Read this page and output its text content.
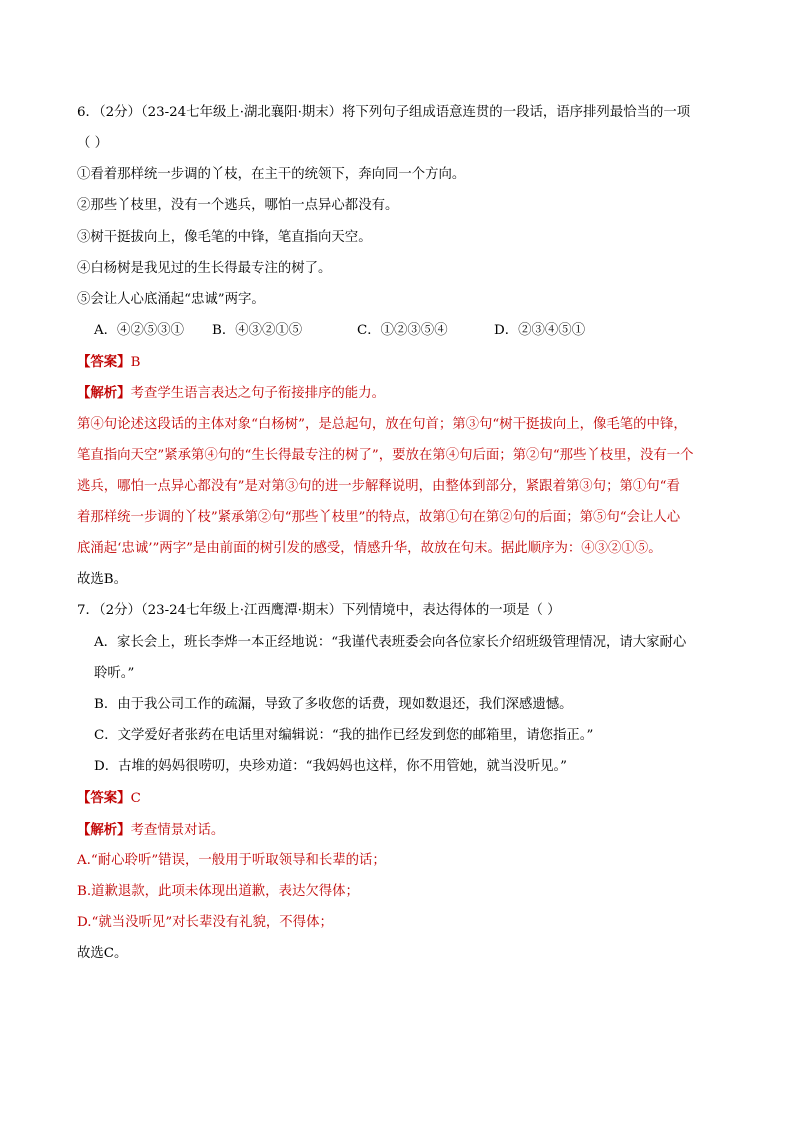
6．（2分）（23-24七年级上·湖北襄阳·期末）将下列句子组成语意连贯的一段话，语序排列最恰当的一项
（ ）
①看着那样统一步调的丫枝，在主干的统领下，奔向同一个方向。
②那些丫枝里，没有一个逃兵，哪怕一点异心都没有。
③树干挺拔向上，像毛笔的中锋，笔直指向天空。
④白杨树是我见过的生长得最专注的树了。
⑤会让人心底涌起“忠诚”两字。
A．④②⑤③① B．④③②①⑤	C．①②③⑤④	D．②③④⑤①
【答案】B
【解析】考查学生语言表达之句子衔接排序的能力。
第④句论述这段话的主体对象“白杨树”，是总起句，放在句首；第③句“树干挺拔向上，像毛笔的中锋，
笔直指向天空”紧承第④句的“生长得最专注的树了”，要放在第④句后面；第②句“那些丫枝里，没有一个
逃兵，哪怕一点异心都没有”是对第③句的进一步解释说明，由整体到部分，紧跟着第③句；第①句“看
着那样统一步调的丫枝”紧承第②句“那些丫枝里”的特点，故第①句在第②句的后面；第⑤句“会让人心
底涌起‘忠诚’”两字”是由前面的树引发的感受，情感升华，故放在句末。据此顺序为：④③②①⑤。
故选B。
7．（2分）（23-24七年级上·江西鹰潭·期末）下列情境中，表达得体的一项是（ ）
A．家长会上，班长李烨一本正经地说：“我谨代表班委会向各位家长介绍班级管理情况，请大家耐心
聆听。”
B．由于我公司工作的疏漏，导致了多收您的话费，现如数退还，我们深感遗憾。
C．文学爱好者张药在电话里对编辑说：“我的拙作已经发到您的邮箱里，请您指正。”
D．古堆的妈妈很唠叨，央珍劝道：“我妈妈也这样，你不用管她，就当没听见。”
【答案】C
【解析】考查情景对话。
A.“耐心聆听”错误，一般用于听取领导和长辈的话；
B.道歉退款，此项未体现出道歉，表达欠得体；
D.“就当没听见”对长辈没有礼貌，不得体；
故选C。
